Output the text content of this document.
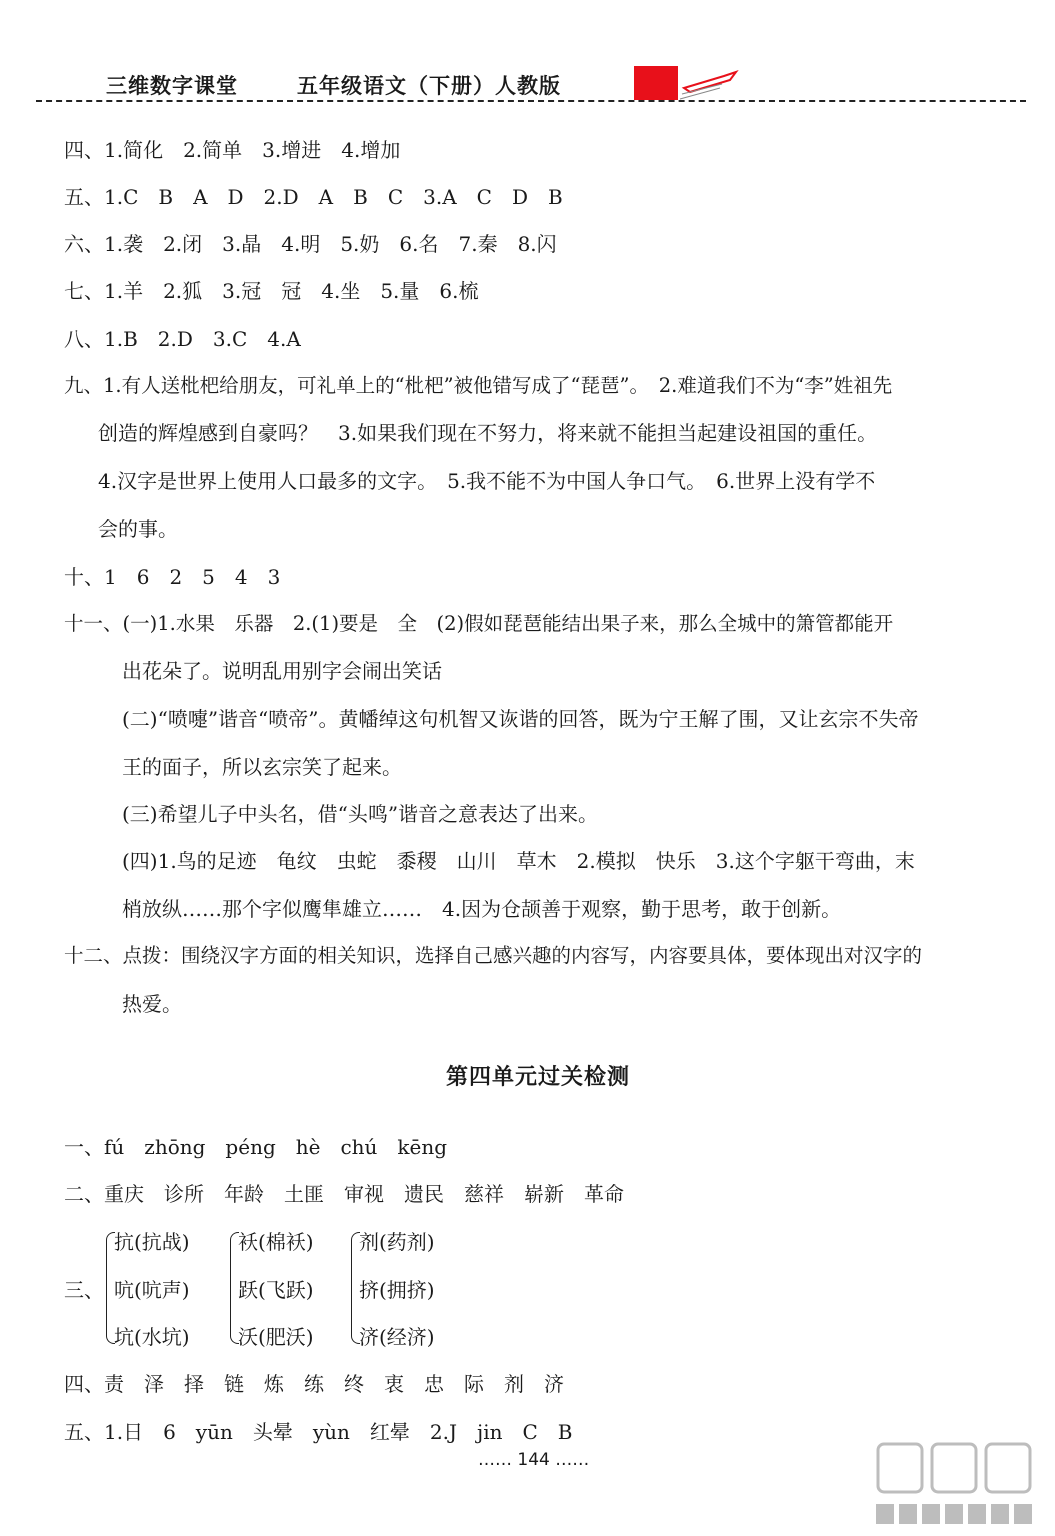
三维数字课堂	五年级语文（下册）人教版
四、1.简化　2.简单　3.增进　4.增加
五、1.C　B　A　D　2.D　A　B　C　3.A　C　D　B
六、1.袭　2.闭　3.晶　4.明　5.奶　6.名　7.秦　8.闪
七、1.羊　2.狐　3.冠　冠　4.坐　5.量　6.梳
八、1.B　2.D　3.C　4.A
九、1.有人送枇杷给朋友，可礼单上的“枇杷”被他错写成了“琵琶”。　2.难道我们不为“李”姓祖先
创造的辉煌感到自豪吗？　3.如果我们现在不努力，将来就不能担当起建设祖国的重任。
4.汉字是世界上使用人口最多的文字。　5.我不能不为中国人争口气。　6.世界上没有学不
会的事。
十、1　6　2　5　4　3
十一、(一)1.水果　乐器　2.(1)要是　全　(2)假如琵琶能结出果子来，那么全城中的箫管都能开
出花朵了。说明乱用别字会闹出笑话
(二)“喷嚏”谐音“喷帝”。黄幡绰这句机智又诙谐的回答，既为宁王解了围，又让玄宗不失帝
王的面子，所以玄宗笑了起来。
(三)希望儿子中头名，借“头鸣”谐音之意表达了出来。
(四)1.鸟的足迹　龟纹　虫蛇　黍稷　山川　草木　2.模拟　快乐　3.这个字躯干弯曲，末
梢放纵……那个字似鹰隼雄立……　4.因为仓颉善于观察，勤于思考，敢于创新。
十二、点拨：围绕汉字方面的相关知识，选择自己感兴趣的内容写，内容要具体，要体现出对汉字的
热爱。
第四单元过关检测
一、fú　zhōng　péng　hè　chú　kēng
二、重庆　诊所　年龄　土匪　审视　遗民　慈祥　崭新　革命
三、
抗(抗战)
吭(吭声)
坑(水坑)
袄(棉袄)
跃(飞跃)
沃(肥沃)
剂(药剂)
挤(拥挤)
济(经济)
四、责　泽　择　链　炼　练　终　衷　忠　际　剂　济
五、1.日　6　yūn　头晕　yùn　红晕　2.J　jin　C　B
…… 144 ……
